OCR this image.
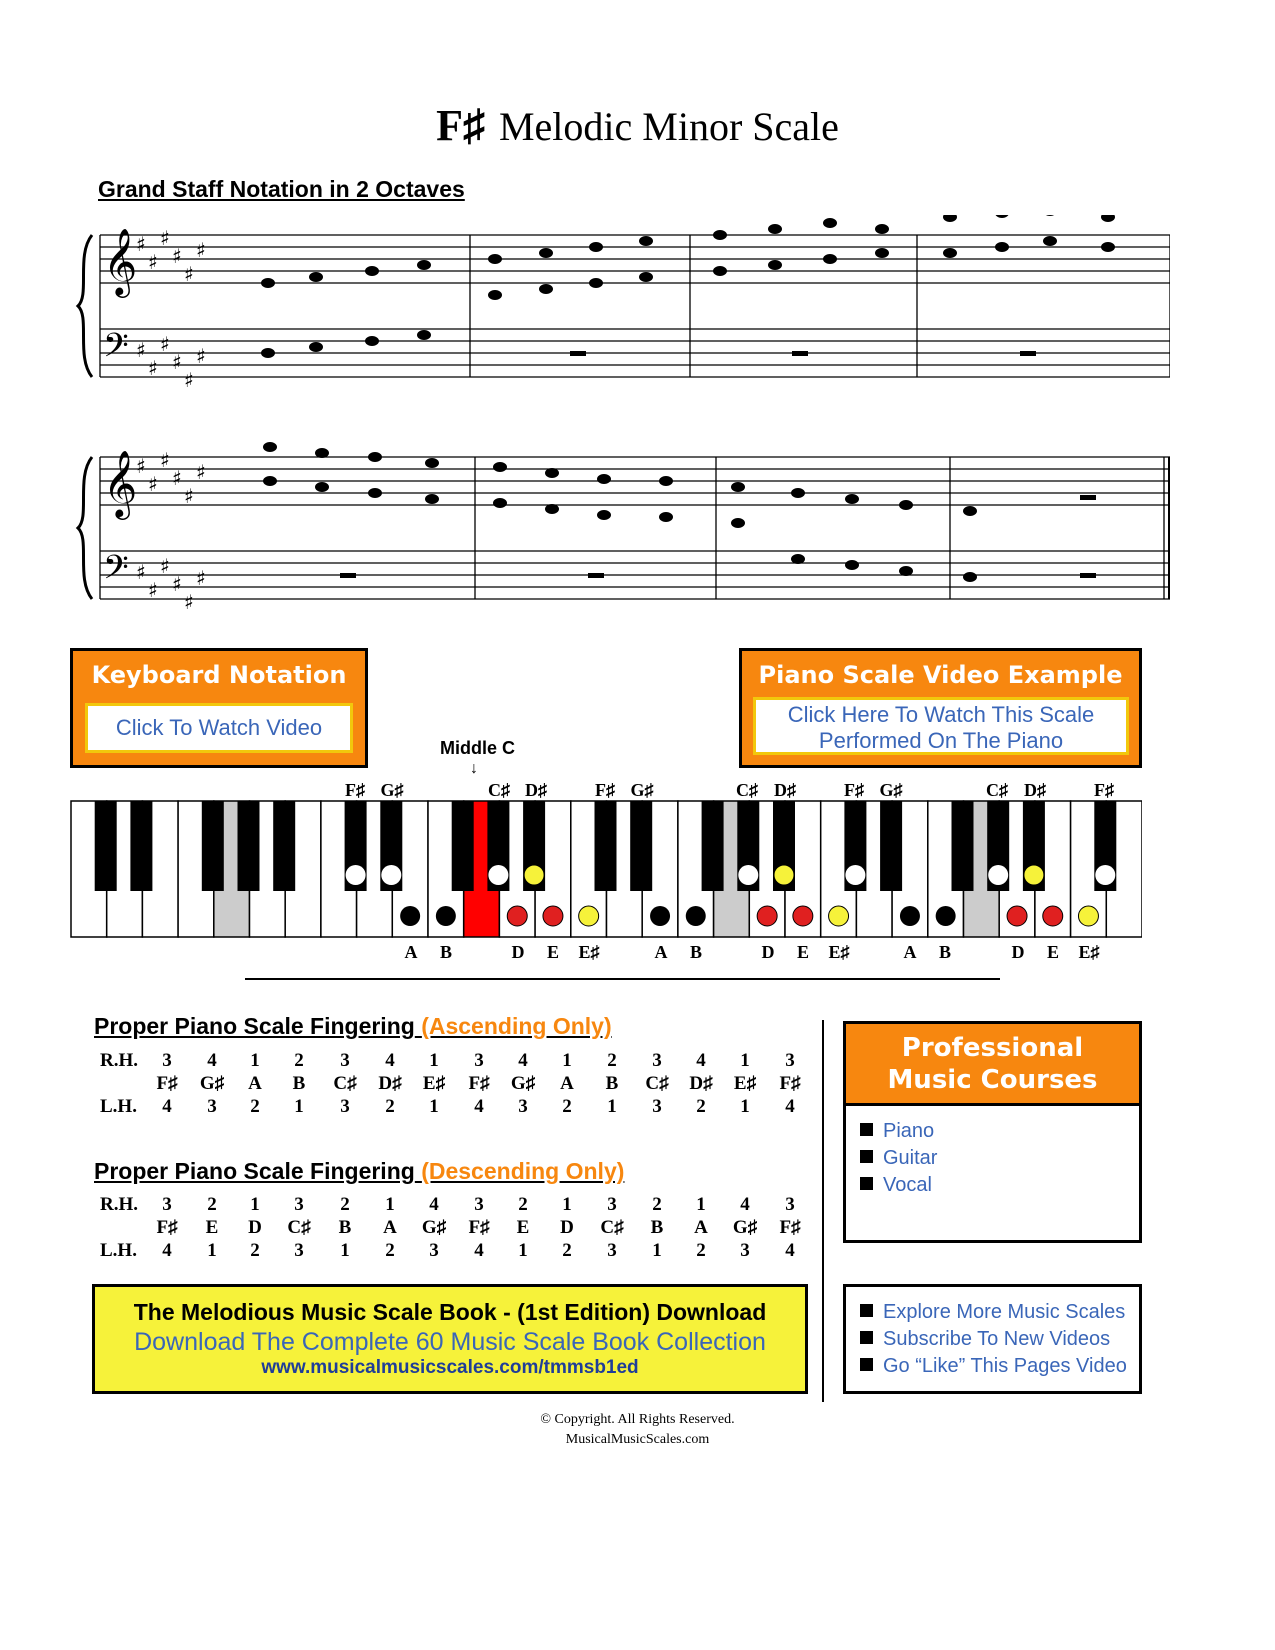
F♯ Melodic Minor Scale
Grand Staff Notation in 2 Octaves
𝄞
𝄢
𝄞
𝄢
♯
♯
♯
♯
♯
♯
♯
♯
♯
♯
♯
♯
♯
♯
♯
♯
♯
♯
♯
♯
♯
♯
♯
♯
Keyboard Notation
Click To Watch Video
Piano Scale Video Example
Click Here To Watch This Scale
Performed On The Piano
Middle C
↓
F♯ G♯	C♯ D♯	F♯ G♯	C♯ D♯	F♯ G♯	C♯ D♯	F♯
A	B	D	E	E♯	A	B	D	E	E♯	A	B	D	E	E♯
Proper Piano Scale Fingering (Ascending Only)
R.H.
L.H.
3	4	1	2	3	4	1	3	4	1	2	3	4	1	3
F♯	G♯	A	B	C♯	D♯	E♯	F♯	G♯	A	B	C♯	D♯	E♯	F♯
4	3	2	1	3	2	1	4	3	2	1	3	2	1	4
Proper Piano Scale Fingering (Descending Only)
R.H.
L.H.
3	2	1	3	2	1	4	3	2	1	3	2	1	4	3
F♯	E	D	C♯	B	A	G♯	F♯	E	D	C♯	B	A	G♯	F♯
4	1	2	3	1	2	3	4	1	2	3	1	2	3	4
Professional
Music Courses
Piano
Guitar
Vocal
The Melodious Music Scale Book - (1st Edition) Download
Download The Complete 60 Music Scale Book Collection
www.musicalmusicscales.com/tmmsb1ed
Explore More Music Scales
Subscribe To New Videos
Go “Like” This Pages Video
© Copyright. All Rights Reserved.
MusicalMusicScales.com
